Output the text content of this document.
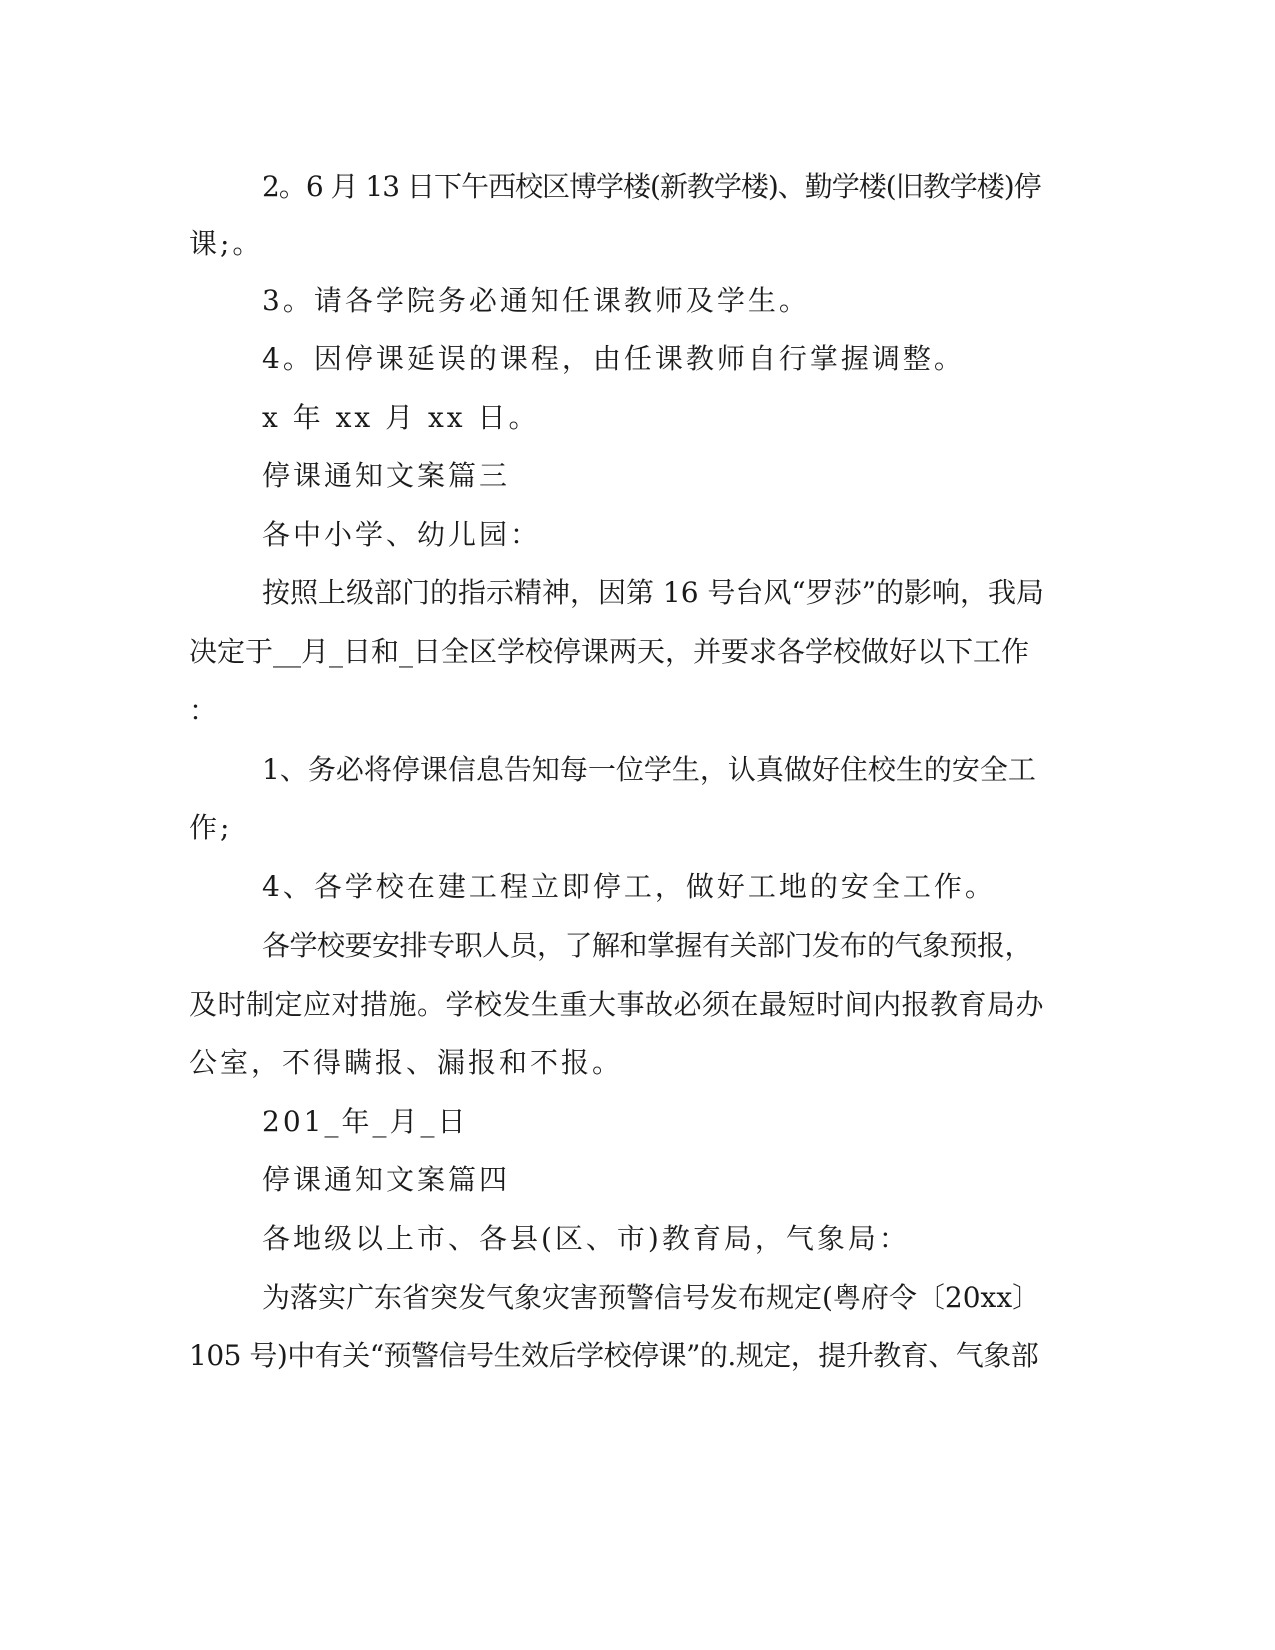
2。6 月 13 日下午西校区博学楼(新教学楼)、勤学楼(旧教学楼)停
课;。
3。请各学院务必通知任课教师及学生。
4。因停课延误的课程，由任课教师自行掌握调整。
x 年 xx 月 xx 日。
停课通知文案篇三
各中小学、幼儿园：
按照上级部门的指示精神，因第 16 号台风“罗莎”的影响，我局
决定于__月_日和_日全区学校停课两天，并要求各学校做好以下工作
：
1、务必将停课信息告知每一位学生，认真做好住校生的安全工
作;
4、各学校在建工程立即停工，做好工地的安全工作。
各学校要安排专职人员，了解和掌握有关部门发布的气象预报，
及时制定应对措施。学校发生重大事故必须在最短时间内报教育局办
公室，不得瞒报、漏报和不报。
201_年_月_日
停课通知文案篇四
各地级以上市、各县(区、市)教育局，气象局：
为落实广东省突发气象灾害预警信号发布规定(粤府令〔20xx〕
105 号)中有关“预警信号生效后学校停课”的.规定，提升教育、气象部
